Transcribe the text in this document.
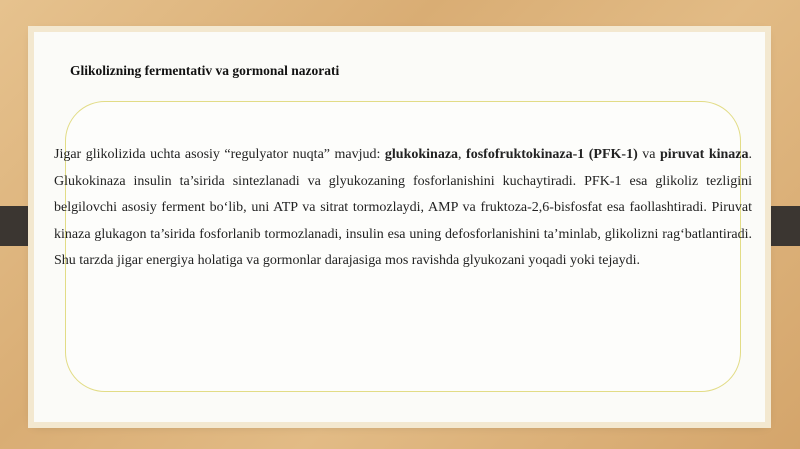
Glikolizning fermentativ va gormonal nazorati

Jigar glikolizida uchta asosiy “regulyator nuqta” mavjud: glukokinaza, fosfofruktokinaza-1 (PFK-1) va piruvat kinaza. Glukokinaza insulin ta’sirida sintezlanadi va glyukozaning fosforlanishini kuchaytiradi. PFK-1 esa glikoliz tezligini belgilovchi asosiy ferment bo‘lib, uni ATP va sitrat tormozlaydi, AMP va fruktoza-2,6-bisfosfat esa faollashtiradi. Piruvat kinaza glukagon ta’sirida fosforlanib tormozlanadi, insulin esa uning defosforlanishini ta’minlab, glikolizni rag‘batlantiradi. Shu tarzda jigar energiya holatiga va gormonlar darajasiga mos ravishda glyukozani yoqadi yoki tejaydi.
